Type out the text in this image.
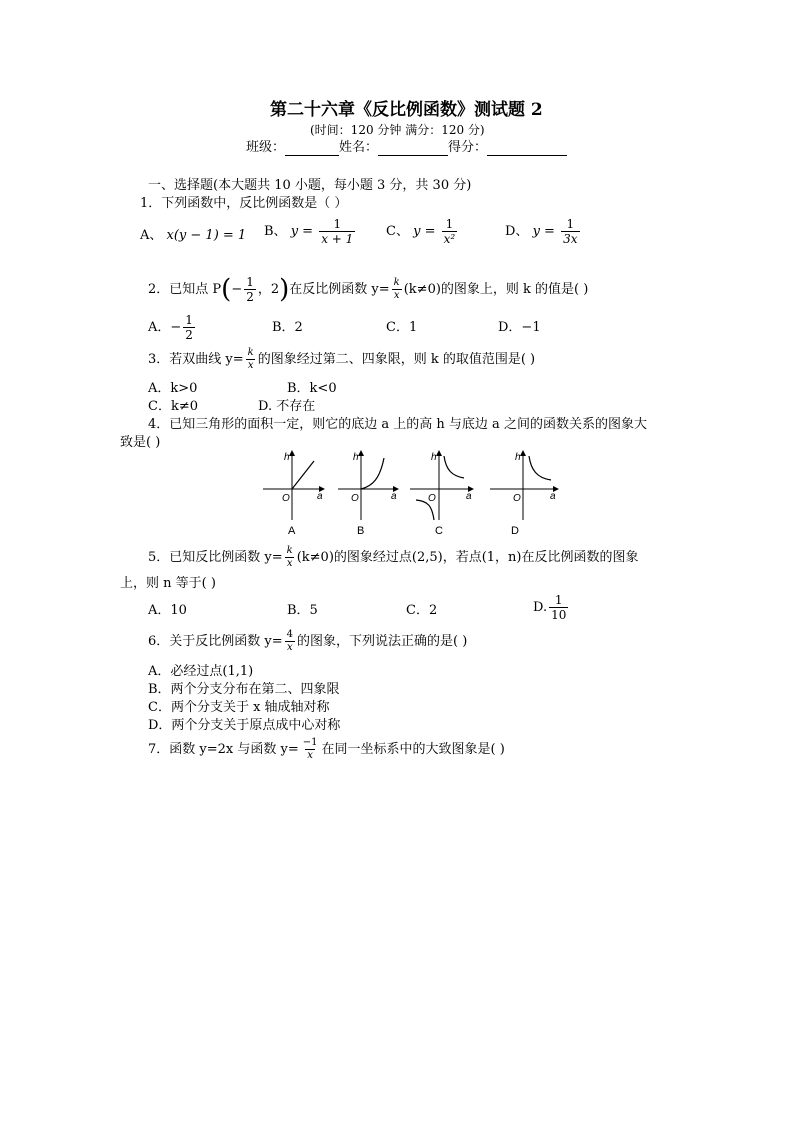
第二十六章《反比例函数》测试题 2
(时间：120 分钟 满分：120 分)
班级：	姓名：	得分：
一、选择题(本大题共 10 小题，每小题 3 分，共 30 分)
1．下列函数中，反比例函数是（ ）
A、 x(y − 1) = 1 B、 $y = \frac{1}{x + 1}$ C、 $y = \frac{1}{\text{x²}}$	D、 $y = \frac{1}{3x}$
2．已知点 $P(- \frac{1}{2}$ ，2)在反比例函数 $y= \frac{k}{x} (k\ne 0)$的图象上，则 k 的值是( )
A．− $\frac{1}{2}$	B．2	C．1	D．−1
3．若双曲线 $y= \frac{k}{x}$ 的图象经过第二、四象限，则 k 的取值范围是( )
A．k>0	B．k<0
C．k≠0	D. 不存在
4．已知三角形的面积一定，则它的底边 a 上的高 h 与底边 a 之间的函数关系的图象大
致是( )
h
a
O
h
a
O
h
a
O
h
a
O
A	B	C	D
5．已知反比例函数 $y= \frac{k}{x} (k\ne 0)$的图象经过点(2,5)，若点(1，n)在反比例函数的图象
上，则 n 等于( )
A．10	B．5	C．2	D. $\frac{1}{10}$
6．关于反比例函数 $y= \frac{4}{x}$ 的图象，下列说法正确的是( )
A．必经过点(1,1)
B．两个分支分布在第二、四象限
C．两个分支关于 x 轴成轴对称
D．两个分支关于原点成中心对称
7．函数 y=2x 与函数 $y= \frac{-1}{x}$ 在同一坐标系中的大致图象是( )
